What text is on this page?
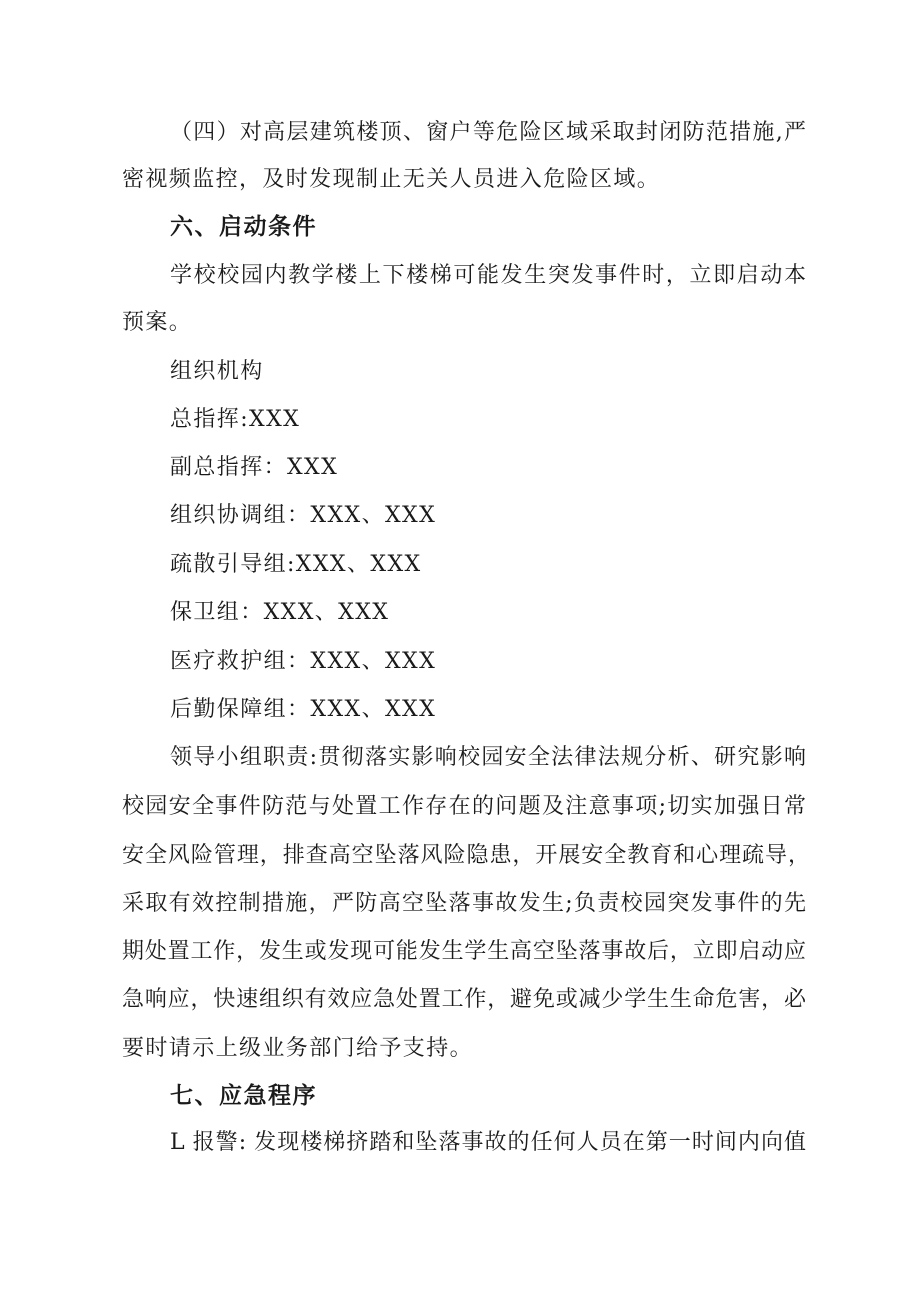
（四）对高层建筑楼顶、窗户等危险区域采取封闭防范措施,严
密视频监控，及时发现制止无关人员进入危险区域。
六、启动条件
学校校园内教学楼上下楼梯可能发生突发事件时，立即启动本
预案。
组织机构
总指挥:XXX
副总指挥：XXX
组织协调组：XXX、XXX
疏散引导组:XXX、XXX
保卫组：XXX、XXX
医疗救护组：XXX、XXX
后勤保障组：XXX、XXX
领导小组职责:贯彻落实影响校园安全法律法规分析、研究影响
校园安全事件防范与处置工作存在的问题及注意事项;切实加强日常
安全风险管理，排查高空坠落风险隐患，开展安全教育和心理疏导，
采取有效控制措施，严防高空坠落事故发生;负责校园突发事件的先
期处置工作，发生或发现可能发生学生高空坠落事故后，立即启动应
急响应，快速组织有效应急处置工作，避免或减少学生生命危害，必
要时请示上级业务部门给予支持。
七、应急程序
L 报警: 发现楼梯挤踏和坠落事故的任何人员在第一时间内向值
